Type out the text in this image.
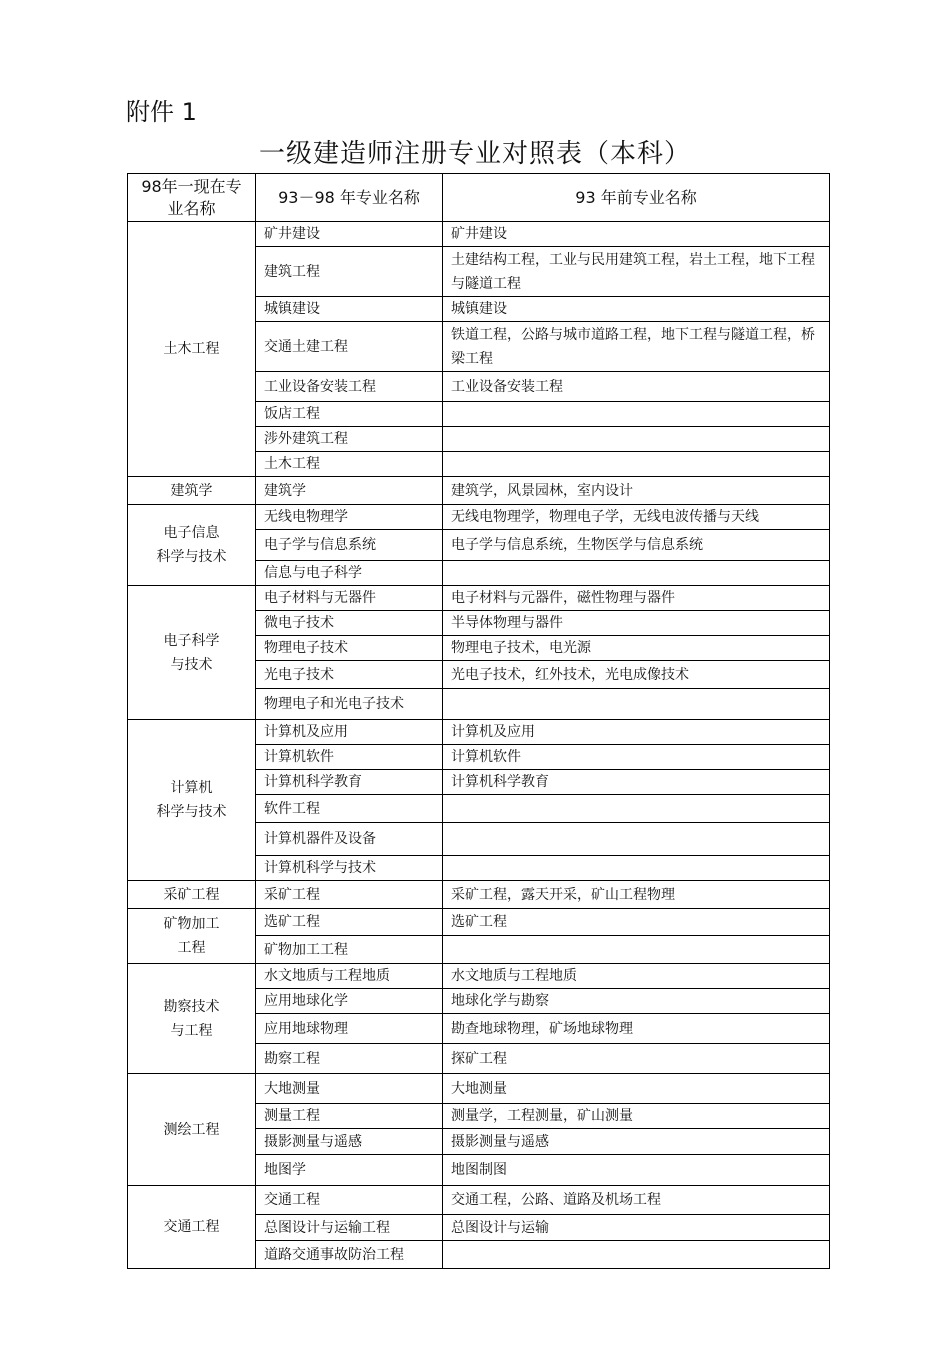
附件 1
一级建造师注册专业对照表（本科）
98年一现在专
业名称	93－98 年专业名称	93 年前专业名称
土木工程	矿井建设	矿井建设
	建筑工程	土建结构工程，工业与民用建筑工程，岩土工程，地下工程与隧道工程
	城镇建设	城镇建设
	交通土建工程	铁道工程，公路与城市道路工程，地下工程与隧道工程，桥梁工程
	工业设备安装工程	工业设备安装工程
	饭店工程	
	涉外建筑工程	
	土木工程	
建筑学	建筑学	建筑学，风景园林，室内设计
电子信息
科学与技术	无线电物理学	无线电物理学，物理电子学，无线电波传播与天线
	电子学与信息系统	电子学与信息系统，生物医学与信息系统
	信息与电子科学	
电子科学
与技术	电子材料与无器件	电子材料与元器件，磁性物理与器件
	微电子技术	半导体物理与器件
	物理电子技术	物理电子技术，电光源
	光电子技术	光电子技术，红外技术，光电成像技术
	物理电子和光电子技术	
计算机
科学与技术	计算机及应用	计算机及应用
	计算机软件	计算机软件
	计算机科学教育	计算机科学教育
	软件工程	
	计算机器件及设备	
	计算机科学与技术	
采矿工程	采矿工程	采矿工程，露天开采，矿山工程物理
矿物加工
工程	选矿工程	选矿工程
	矿物加工工程	
勘察技术
与工程	水文地质与工程地质	水文地质与工程地质
	应用地球化学	地球化学与勘察
	应用地球物理	勘查地球物理，矿场地球物理
	勘察工程	探矿工程
测绘工程	大地测量	大地测量
	测量工程	测量学，工程测量，矿山测量
	摄影测量与遥感	摄影测量与遥感
	地图学	地图制图
交通工程	交通工程	交通工程，公路、道路及机场工程
	总图设计与运输工程	总图设计与运输
	道路交通事故防治工程	
